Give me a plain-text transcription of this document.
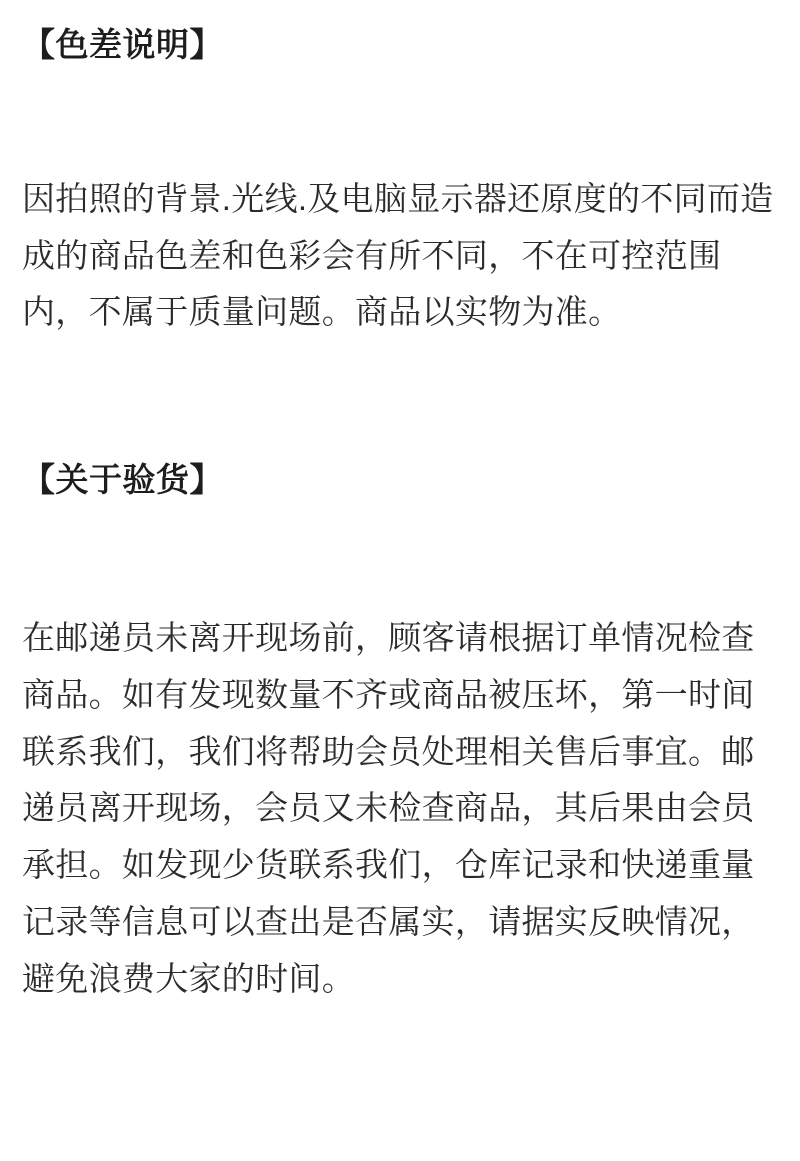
【色差说明】

因拍照的背景.光线.及电脑显示器还原度的不同而造成的商品色差和色彩会有所不同，不在可控范围内，不属于质量问题。商品以实物为准。

【关于验货】

在邮递员未离开现场前，顾客请根据订单情况检查商品。如有发现数量不齐或商品被压坏，第一时间联系我们，我们将帮助会员处理相关售后事宜。邮递员离开现场，会员又未检查商品，其后果由会员承担。如发现少货联系我们，仓库记录和快递重量记录等信息可以查出是否属实，请据实反映情况，避免浪费大家的时间。
